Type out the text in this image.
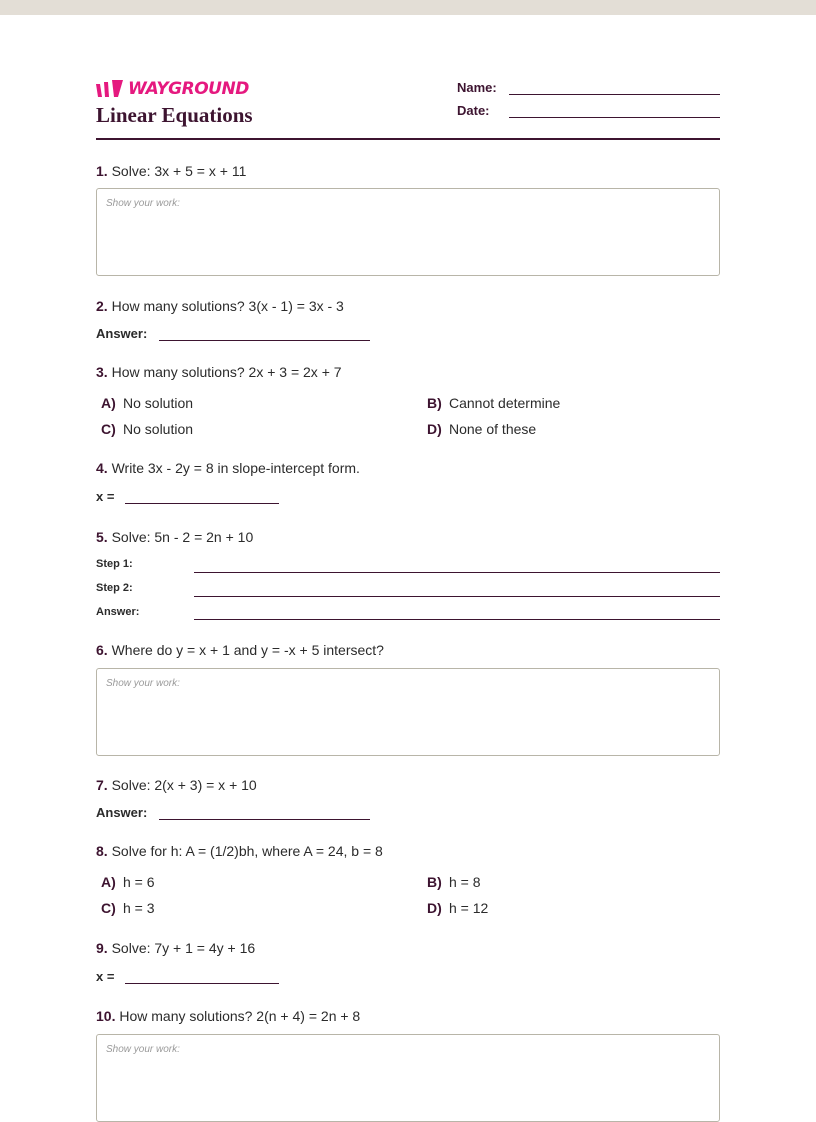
WAYGROUND
Linear Equations
Name:
Date:
1. Solve: 3x + 5 = x + 11
Show your work:
2. How many solutions? 3(x - 1) = 3x - 3
Answer:
3. How many solutions? 2x + 3 = 2x + 7
A) No solution	B) Cannot determine
C) No solution	D) None of these
4. Write 3x - 2y = 8 in slope-intercept form.
x =
5. Solve: 5n - 2 = 2n + 10
Step 1:
Step 2:
Answer:
6. Where do y = x + 1 and y = -x + 5 intersect?
Show your work:
7. Solve: 2(x + 3) = x + 10
Answer:
8. Solve for h: A = (1/2)bh, where A = 24, b = 8
A) h = 6	B) h = 8
C) h = 3	D) h = 12
9. Solve: 7y + 1 = 4y + 16
x =
10. How many solutions? 2(n + 4) = 2n + 8
Show your work:
